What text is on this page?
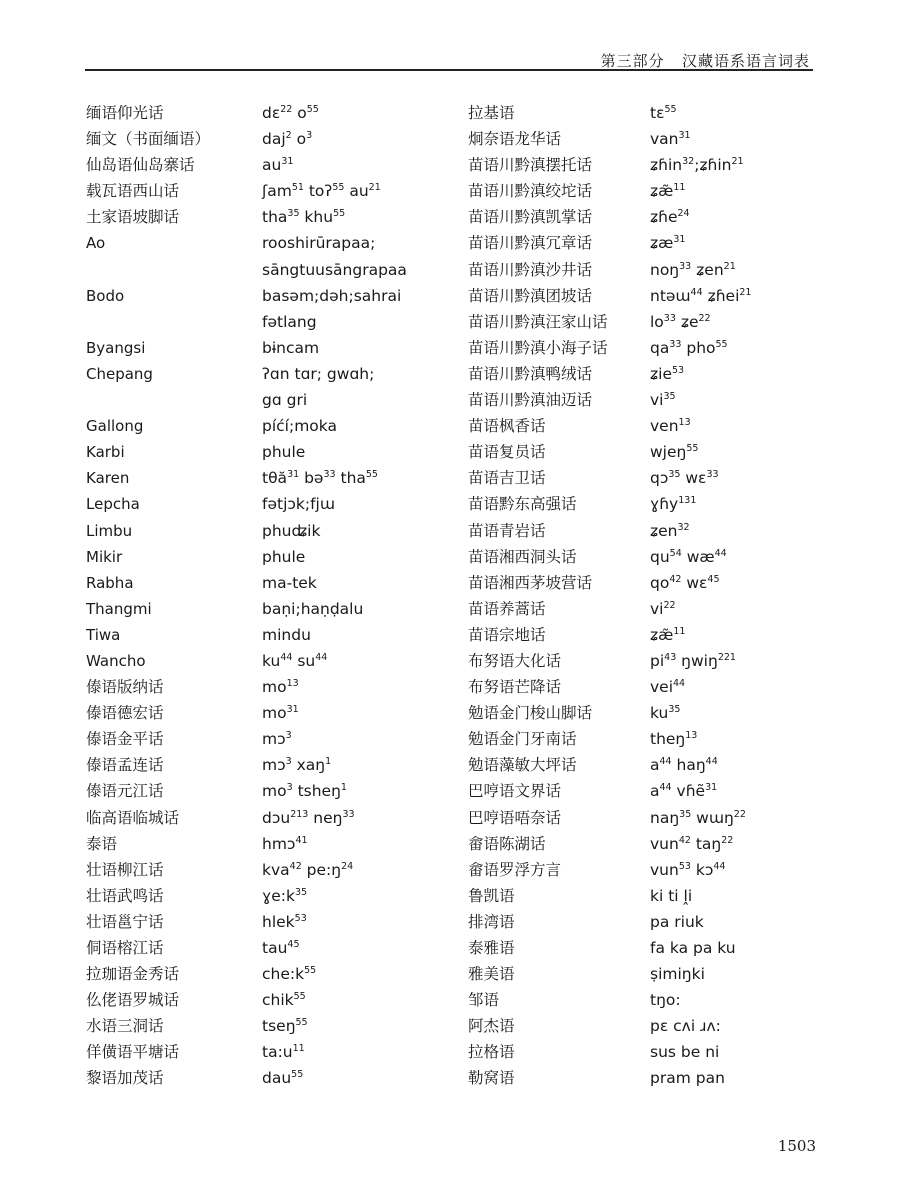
第三部分 汉藏语系语言词表
缅语仰光话
缅文（书面缅语）
仙岛语仙岛寨话
载瓦语西山话
土家语坡脚话
Ao
Bodo
Byangsi
Chepang
Gallong
Karbi
Karen
Lepcha
Limbu
Mikir
Rabha
Thangmi
Tiwa
Wancho
傣语版纳话
傣语德宏话
傣语金平话
傣语孟连话
傣语元江话
临高语临城话
泰语
壮语柳江话
壮语武鸣话
壮语邕宁话
侗语榕江话
拉珈语金秀话
仫佬语罗城话
水语三洞话
佯僙语平塘话
黎语加茂话
dɛ$^{22}$ $o^{55}$
daj$^2$ $o^3$
$au^{31}$
ʃam$^{51}$ toʔ$^{55}$ $au^{21}$
tha$^{35}$ khu$^{55}$
rooshirūrapaa;
sāngtuusāngrapaa
basəm;dəh;sahrai
fətlang
bɨncam
ʔɑn tɑr; gwɑh;
gɑ gri
píćí;moka
phule
tθă$^{31}$ bə$^{33}$ tha$^{55}$
fətjɔk;fjɯ
phuʥik
phule
ma-tek
baṇi;haṇḍalu
mindu
$ku^{44}$ $su^{44}$
$mo^{13}$
$mo^{31}$
mɔ$^3$
mɔ$^3$ xaŋ$^1$
$mo^3$ tsheŋ$^1$
dɔu$^{213}$ neŋ$^{33}$
hmɔ$^{41}$
kva$^{42}$ $pe:ŋ^{24}$
$ɣe:k^{35}$
hlek$^{53}$
tau$^{45}$
$che:k^{55}$
chik$^{55}$
tseŋ$^{55}$
$ta:u^{11}$
dau$^{55}$
拉基语
炯奈语龙华话
苗语川黔滇摆托话
苗语川黔滇绞坨话
苗语川黔滇凯掌话
苗语川黔滇冗章话
苗语川黔滇沙井话
苗语川黔滇团坡话
苗语川黔滇汪家山话
苗语川黔滇小海子话
苗语川黔滇鸭绒话
苗语川黔滇油迈话
苗语枫香话
苗语复员话
苗语吉卫话
苗语黔东高强话
苗语青岩话
苗语湘西洞头话
苗语湘西茅坡营话
苗语养蒿话
苗语宗地话
布努语大化话
布努语芒降话
勉语金门梭山脚话
勉语金门牙南话
勉语藻敏大坪话
巴哼语文界话
巴哼语唔奈话
畲语陈湖话
畲语罗浮方言
鲁凯语
排湾语
泰雅语
雅美语
邹语
阿杰语
拉格语
勒窝语
tɛ$^{55}$
van$^{31}$
ʑɦin$^{32}$;ʑɦin$^{21}$
ʑæ̃$^{11}$
ʑɦe$^{24}$
ʑæ$^{31}$
noŋ$^{33}$ ʑen$^{21}$
ntəɯ$^{44}$ ʑɦei$^{21}$
$lo^{33}$ ʑe$^{22}$
$qa^{33}$ pho$^{55}$
ʑie$^{53}$
$vi^{35}$
ven$^{13}$
wjeŋ$^{55}$
qɔ$^{35}$ wɛ$^{33}$
ɣɦy$^{131}$
ʑen$^{32}$
$qu^{54}$ $wæ^{44}$
$qo^{42}$ wɛ$^{45}$
$vi^{22}$
ʑæ̃$^{11}$
$pi^{43}$ ŋwiŋ$^{221}$
vei$^{44}$
$ku^{35}$
theŋ$^{13}$
$a^{44}$ haŋ$^{44}$
$a^{44}$ vɦẽ$^{31}$
naŋ$^{35}$ wɯŋ$^{22}$
vun$^{42}$ taŋ$^{22}$
vun$^{53}$ kɔ$^{44}$
ki ti ḽi
pa riuk
fa ka pa ku
ṣimiŋki
tŋo:
pɛ cʌi ɹʌ:
sus be ni
pram pan
1503
